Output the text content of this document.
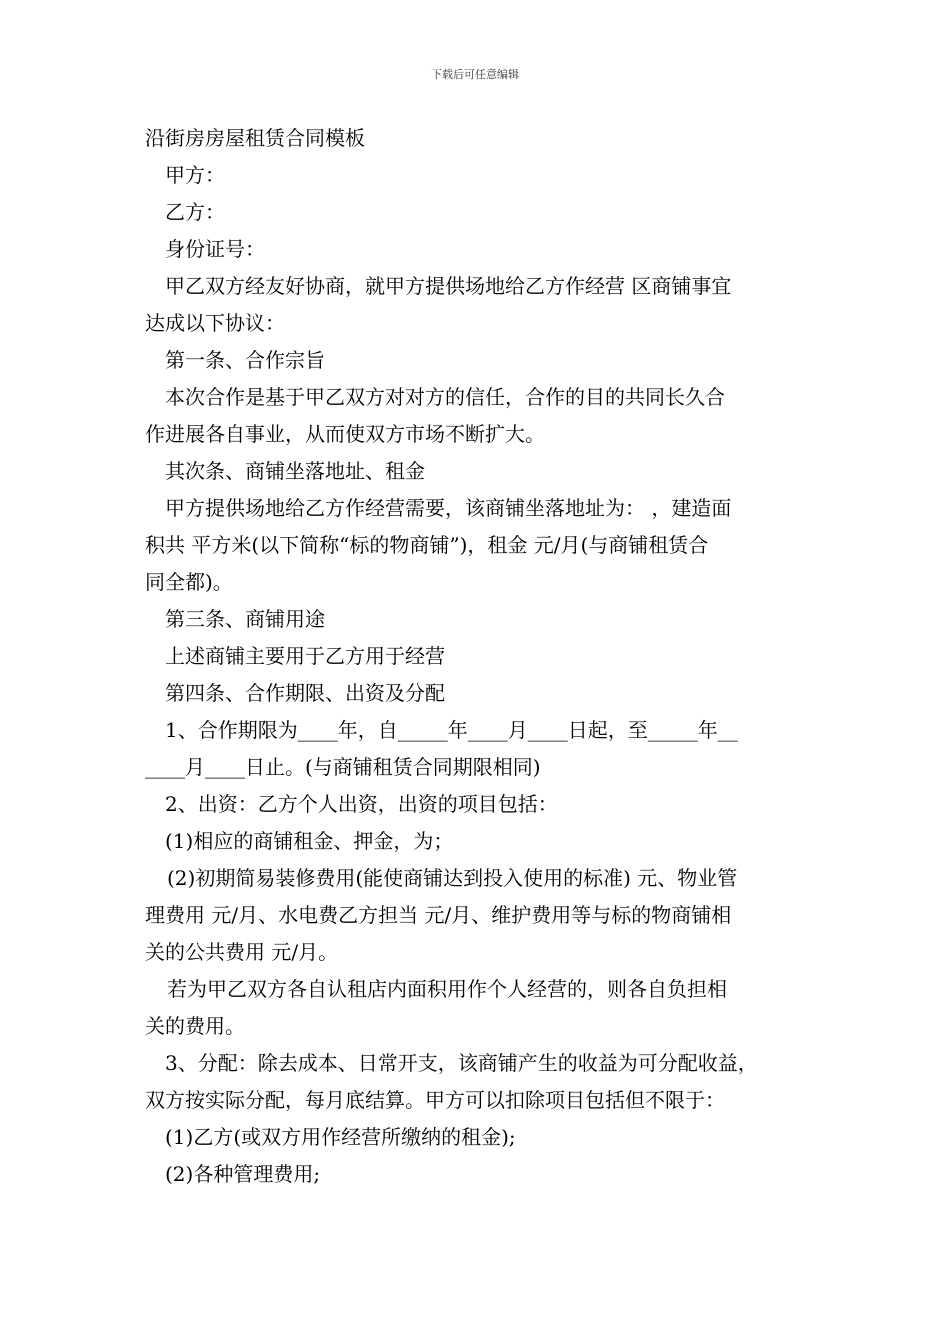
下载后可任意编辑
沿街房房屋租赁合同模板
甲方：
乙方：
身份证号：
甲乙双方经友好协商，就甲方提供场地给乙方作经营 区商铺事宜
达成以下协议：
第一条、合作宗旨
本次合作是基于甲乙双方对对方的信任，合作的目的共同长久合
作进展各自事业，从而使双方市场不断扩大。
其次条、商铺坐落地址、租金
甲方提供场地给乙方作经营需要，该商铺坐落地址为： ，建造面
积共 平方米(以下简称“标的物商铺”)，租金 元/月(与商铺租赁合
同全都)。
第三条、商铺用途
上述商铺主要用于乙方用于经营
第四条、合作期限、出资及分配
1、合作期限为____年，自_____年____月____日起，至_____年__
____月____日止。(与商铺租赁合同期限相同)
2、出资：乙方个人出资，出资的项目包括：
(1)相应的商铺租金、押金，为；
(2)初期简易装修费用(能使商铺达到投入使用的标准) 元、物业管
理费用 元/月、水电费乙方担当 元/月、维护费用等与标的物商铺相
关的公共费用 元/月。
若为甲乙双方各自认租店内面积用作个人经营的，则各自负担相
关的费用。
3、分配：除去成本、日常开支，该商铺产生的收益为可分配收益，
双方按实际分配，每月底结算。甲方可以扣除项目包括但不限于：
(1)乙方(或双方用作经营所缴纳的租金);
(2)各种管理费用;
